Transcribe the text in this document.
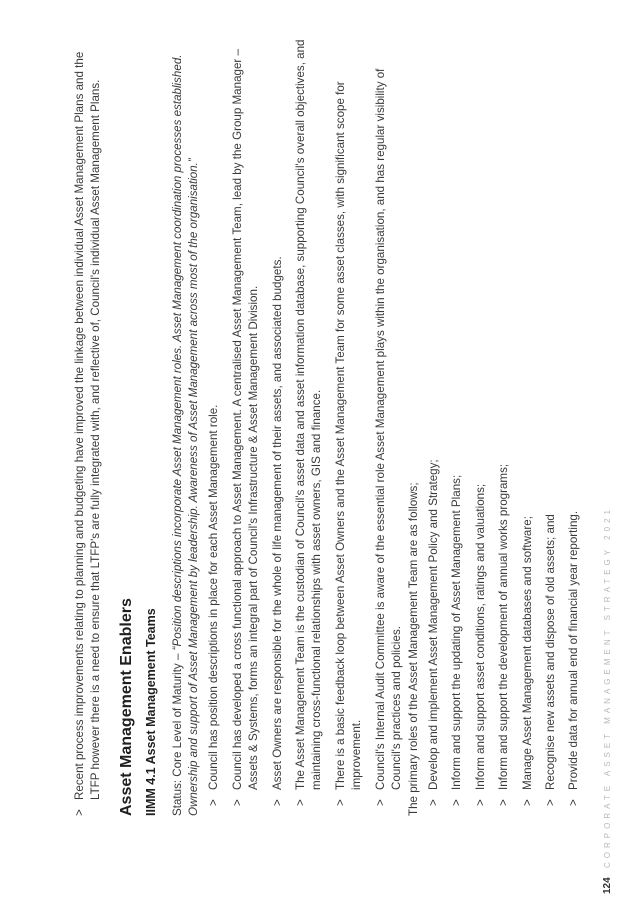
>
Recent process improvements relating to planning and budgeting have improved the linkage between individual Asset Management Plans and the LTFP however there is a need to ensure that LTFP's are fully integrated with, and reflective of, Council's individual Asset Management Plans. Asset Management Enablers IIMM 4.1 Asset Management Teams Status: Core Level of Maturity – “Position descriptions incorporate Asset Management roles. Asset Management coordination processes established. Ownership and support of Asset Management by leadership. Awareness of Asset Management across most of the organisation.” >
Council has position descriptions in place for each Asset Management role.
>
Council has developed a cross functional approach to Asset Management. A centralised Asset Management Team, lead by the Group Manager – Assets & Systems, forms an integral part of Council's Infrastructure & Asset Management Division.
>
Asset Owners are responsible for the whole of life management of their assets, and associated budgets.
>
The Asset Management Team is the custodian of Council's asset data and asset information database, supporting Council's overall objectives, and maintaining cross-functional relationships with asset owners, GIS and finance.
>
There is a basic feedback loop between Asset Owners and the Asset Management Team for some asset classes, with significant scope for improvement.
>
Council's Internal Audit Committee is aware of the essential role Asset Management plays within the organisation, and has regular visibility of Council's practices and policies. The primary roles of the Asset Management Team are as follows; >
Develop and implement Asset Management Policy and Strategy;
>
Inform and support the updating of Asset Management Plans;
>
Inform and support asset conditions, ratings and valuations;
>
Inform and support the development of annual works programs;
>
Manage Asset Management databases and software;
>
Recognise new assets and dispose of old assets; and
>
Provide data for annual end of financial year reporting.
124
CORPORATE ASSET MANAGEMENT STRATEGY 2021
